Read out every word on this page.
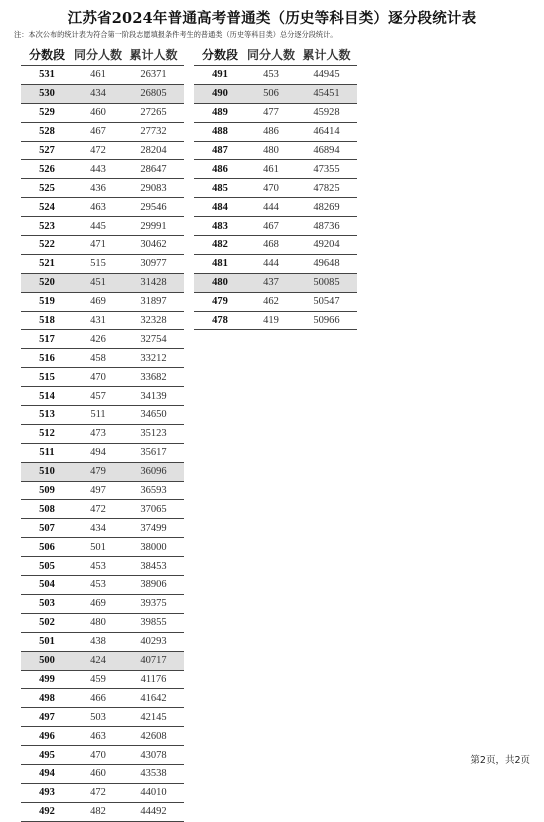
江苏省2024年普通高考普通类（历史等科目类）逐分段统计表
注：本次公布的统计表为符合第一阶段志愿填报条件考生的普通类（历史等科目类）总分逐分段统计。
分数段 同分人数 累计人数
531	461	26371
530	434	26805
529	460	27265
528	467	27732
527	472	28204
526	443	28647
525	436	29083
524	463	29546
523	445	29991
522	471	30462
521	515	30977
520	451	31428
519	469	31897
518	431	32328
517	426	32754
516	458	33212
515	470	33682
514	457	34139
513	511	34650
512	473	35123
511	494	35617
510	479	36096
509	497	36593
508	472	37065
507	434	37499
506	501	38000
505	453	38453
504	453	38906
503	469	39375
502	480	39855
501	438	40293
500	424	40717
499	459	41176
498	466	41642
497	503	42145
496	463	42608
495	470	43078
494	460	43538
493	472	44010
492	482	44492
分数段 同分人数 累计人数
491	453	44945
490	506	45451
489	477	45928
488	486	46414
487	480	46894
486	461	47355
485	470	47825
484	444	48269
483	467	48736
482	468	49204
481	444	49648
480	437	50085
479	462	50547
478	419	50966
第2页，共2页
